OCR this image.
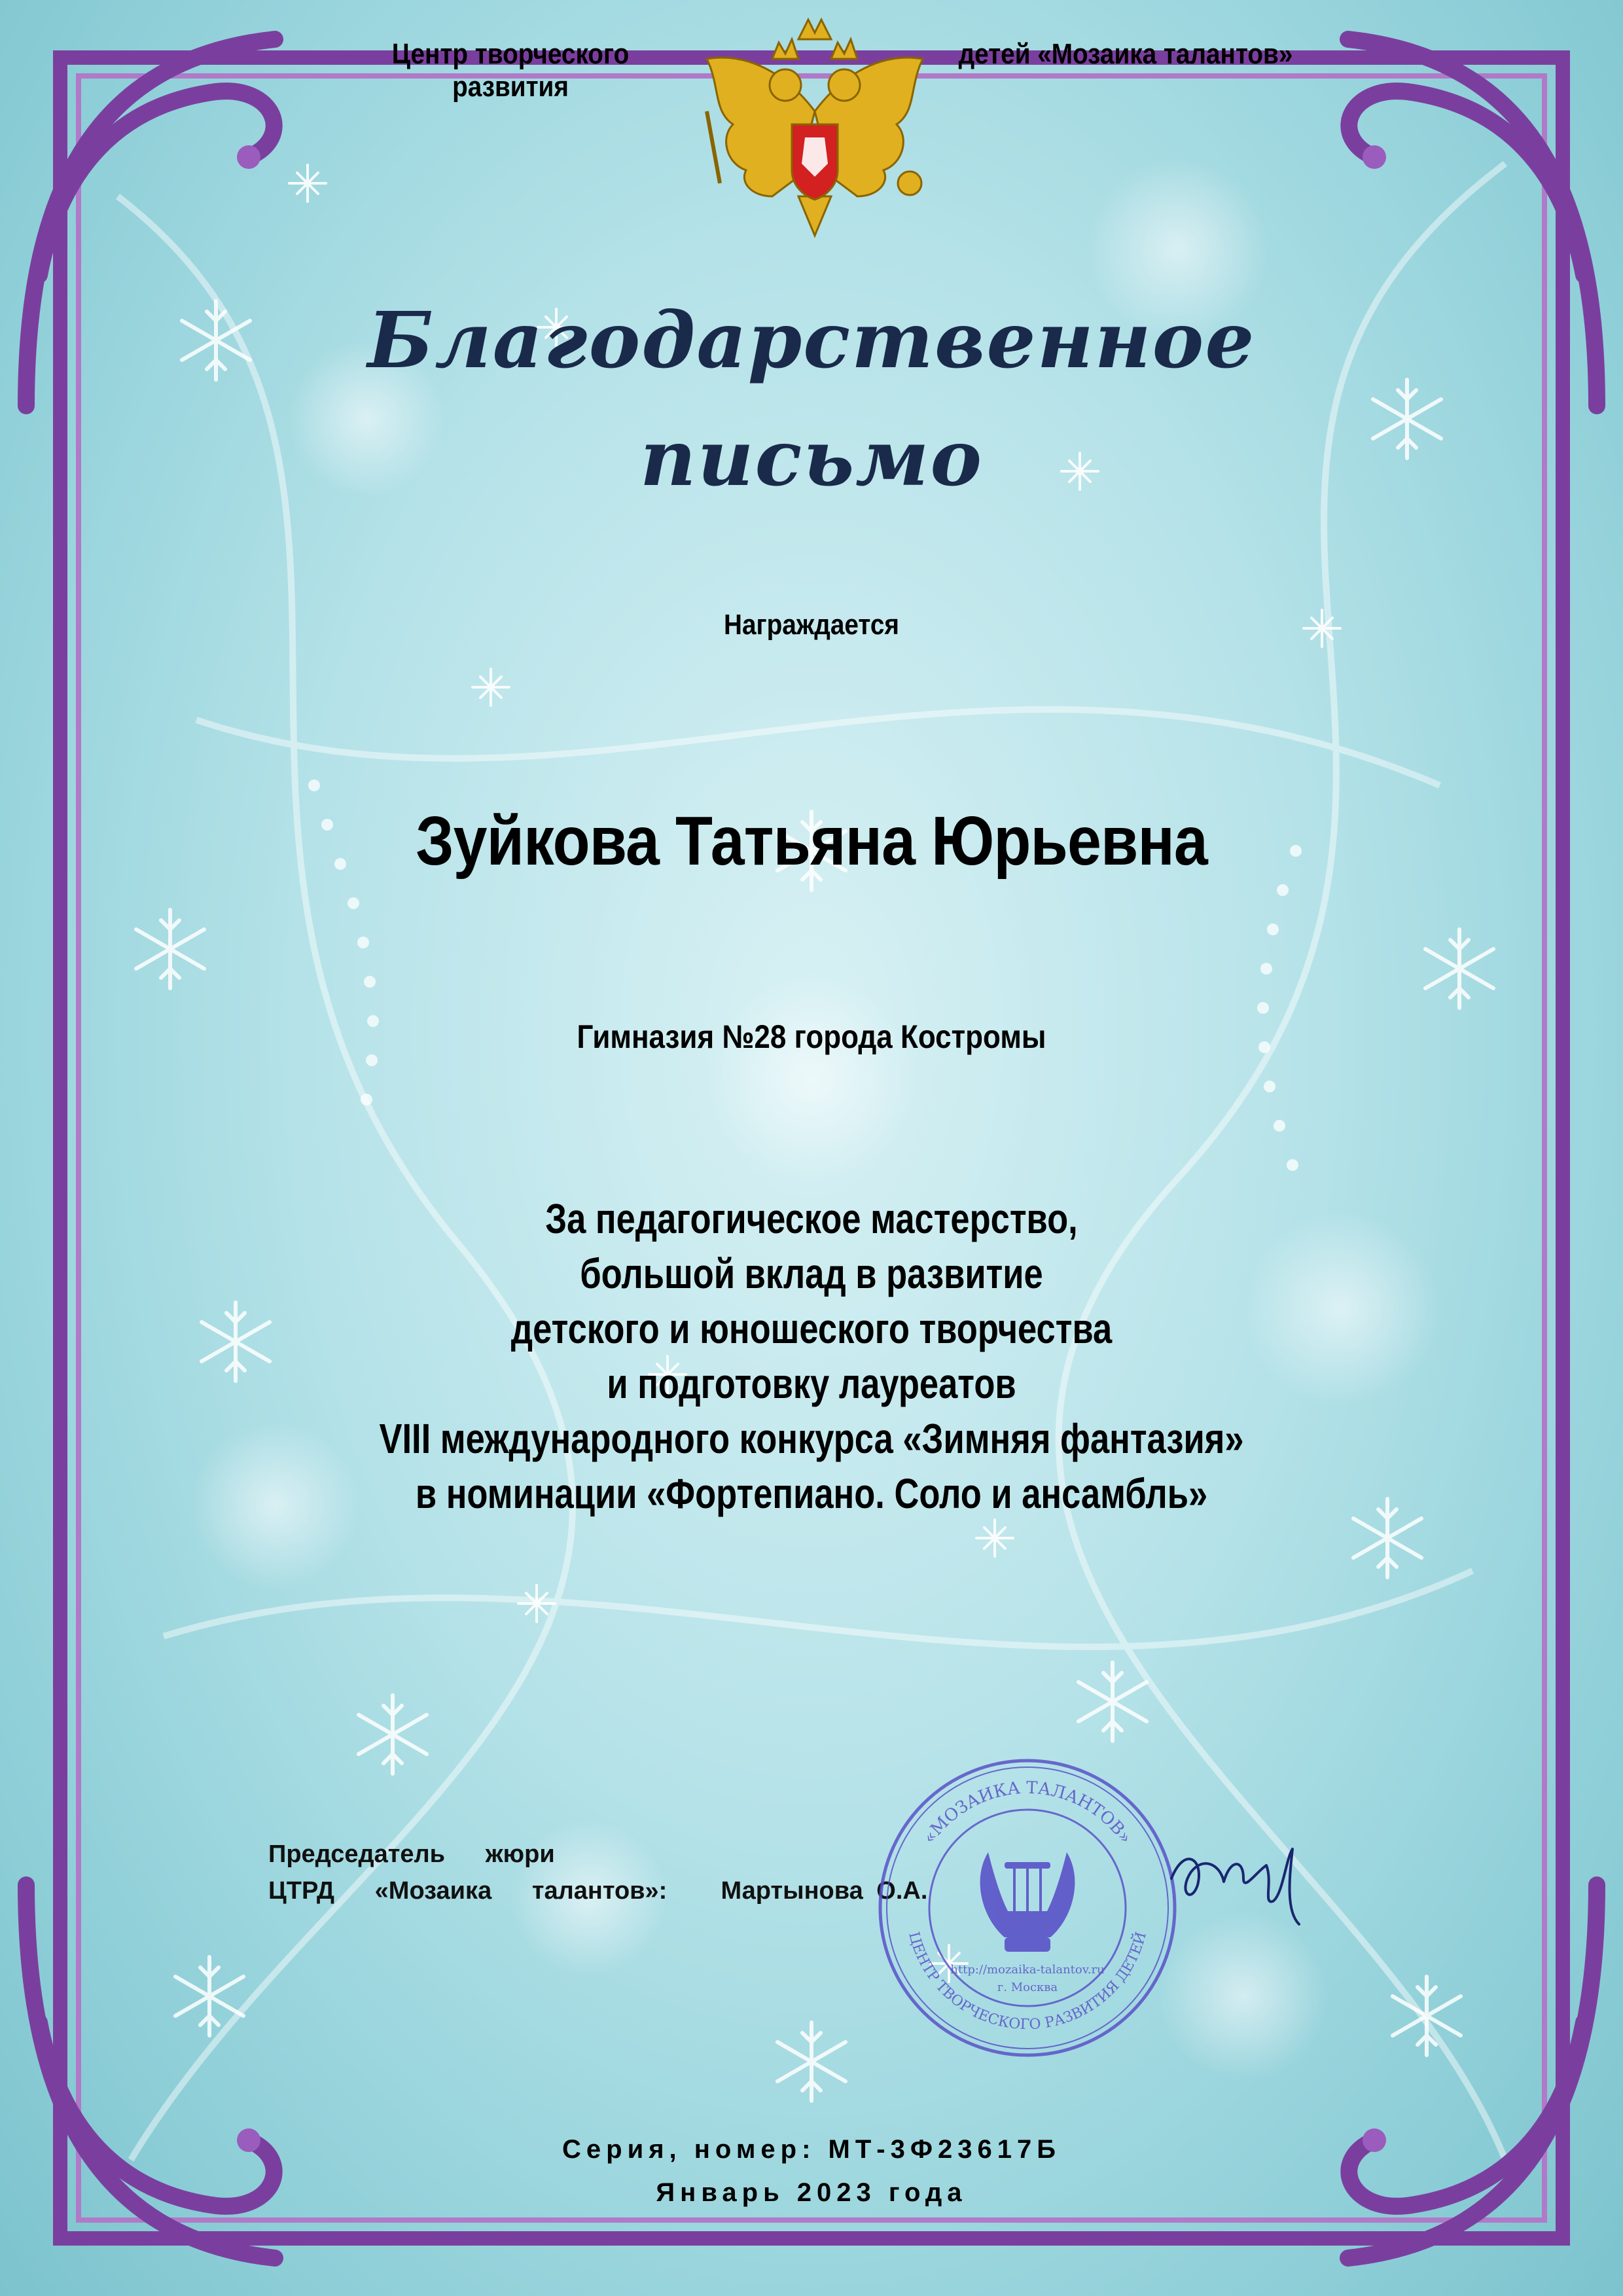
Центр творческого развития
детей «Мозаика талантов»
Благодарственное
письмо
Награждается
Зуйкова Татьяна Юрьевна
Гимназия №28 города Костромы
За педагогическое мастерство,
большой вклад в развитие
детского и юношеского творчества
и подготовку лауреатов
VIII международного конкурса «Зимняя фантазия»
в номинации «Фортепиано. Соло и ансамбль»
Председатель   жюри
ЦТРД   «Мозаика   талантов»:    Мартынова О.А.
«МОЗАИКА ТАЛАНТОВ»
ЦЕНТР ТВОРЧЕСКОГО РАЗВИТИЯ ДЕТЕЙ
http://mozaika-talantov.ru
г. Москва
Серия, номер: МТ-3Ф23617Б
Январь 2023 года
